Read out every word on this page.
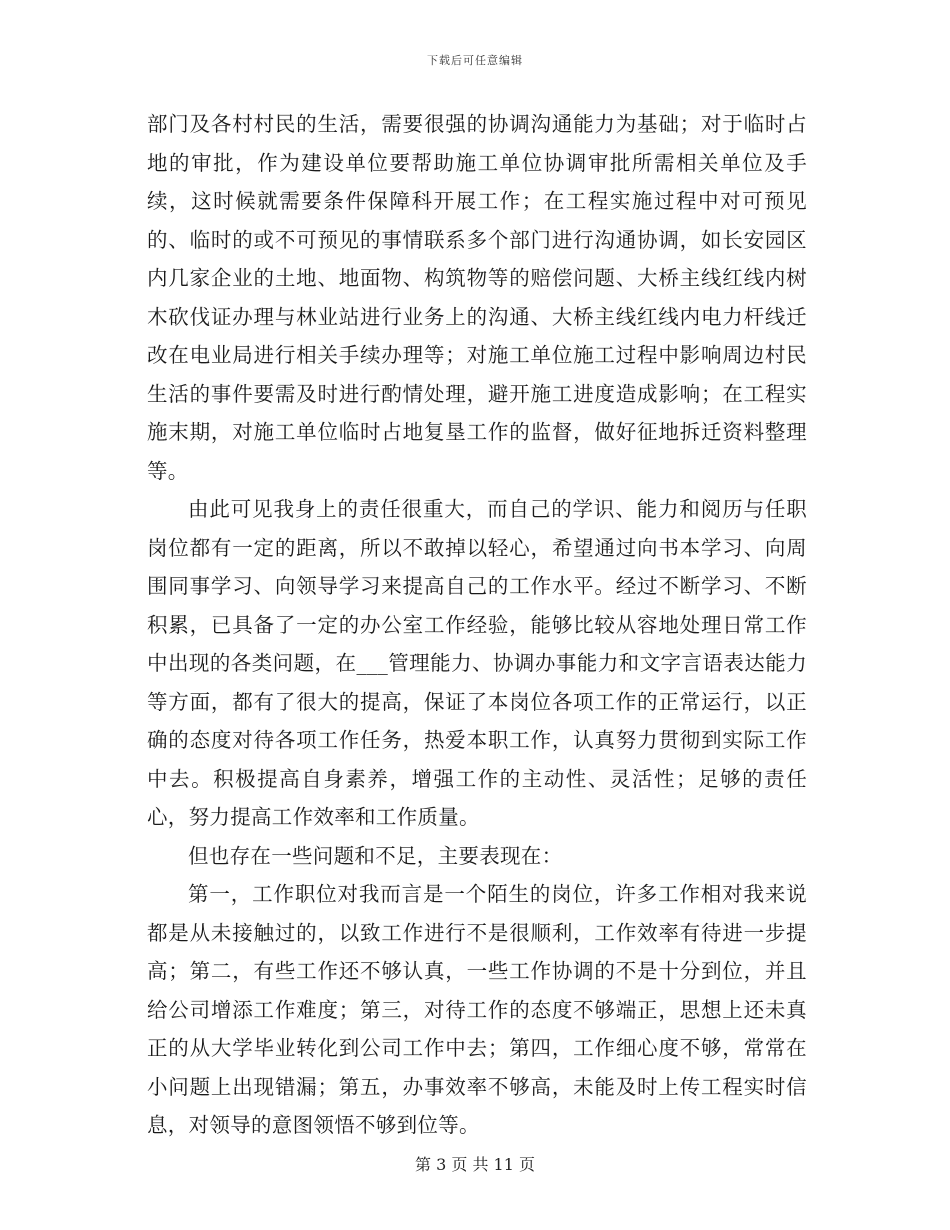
下载后可任意编辑

部门及各村村民的生活，需要很强的协调沟通能力为基础；对于临时占地的审批，作为建设单位要帮助施工单位协调审批所需相关单位及手续，这时候就需要条件保障科开展工作；在工程实施过程中对可预见的、临时的或不可预见的事情联系多个部门进行沟通协调，如长安园区内几家企业的土地、地面物、构筑物等的赔偿问题、大桥主线红线内树木砍伐证办理与林业站进行业务上的沟通、大桥主线红线内电力杆线迁改在电业局进行相关手续办理等；对施工单位施工过程中影响周边村民生活的事件要需及时进行酌情处理，避开施工进度造成影响；在工程实施末期，对施工单位临时占地复垦工作的监督，做好征地拆迁资料整理等。

由此可见我身上的责任很重大，而自己的学识、能力和阅历与任职岗位都有一定的距离，所以不敢掉以轻心，希望通过向书本学习、向周围同事学习、向领导学习来提高自己的工作水平。经过不断学习、不断积累，已具备了一定的办公室工作经验，能够比较从容地处理日常工作中出现的各类问题，在___管理能力、协调办事能力和文字言语表达能力等方面，都有了很大的提高，保证了本岗位各项工作的正常运行，以正确的态度对待各项工作任务，热爱本职工作，认真努力贯彻到实际工作中去。积极提高自身素养，增强工作的主动性、灵活性；足够的责任心，努力提高工作效率和工作质量。

但也存在一些问题和不足，主要表现在：

第一，工作职位对我而言是一个陌生的岗位，许多工作相对我来说都是从未接触过的，以致工作进行不是很顺利，工作效率有待进一步提高；第二，有些工作还不够认真，一些工作协调的不是十分到位，并且给公司增添工作难度；第三，对待工作的态度不够端正，思想上还未真正的从大学毕业转化到公司工作中去；第四，工作细心度不够，常常在小问题上出现错漏；第五，办事效率不够高，未能及时上传工程实时信息，对领导的意图领悟不够到位等。

第 3 页 共 11 页
